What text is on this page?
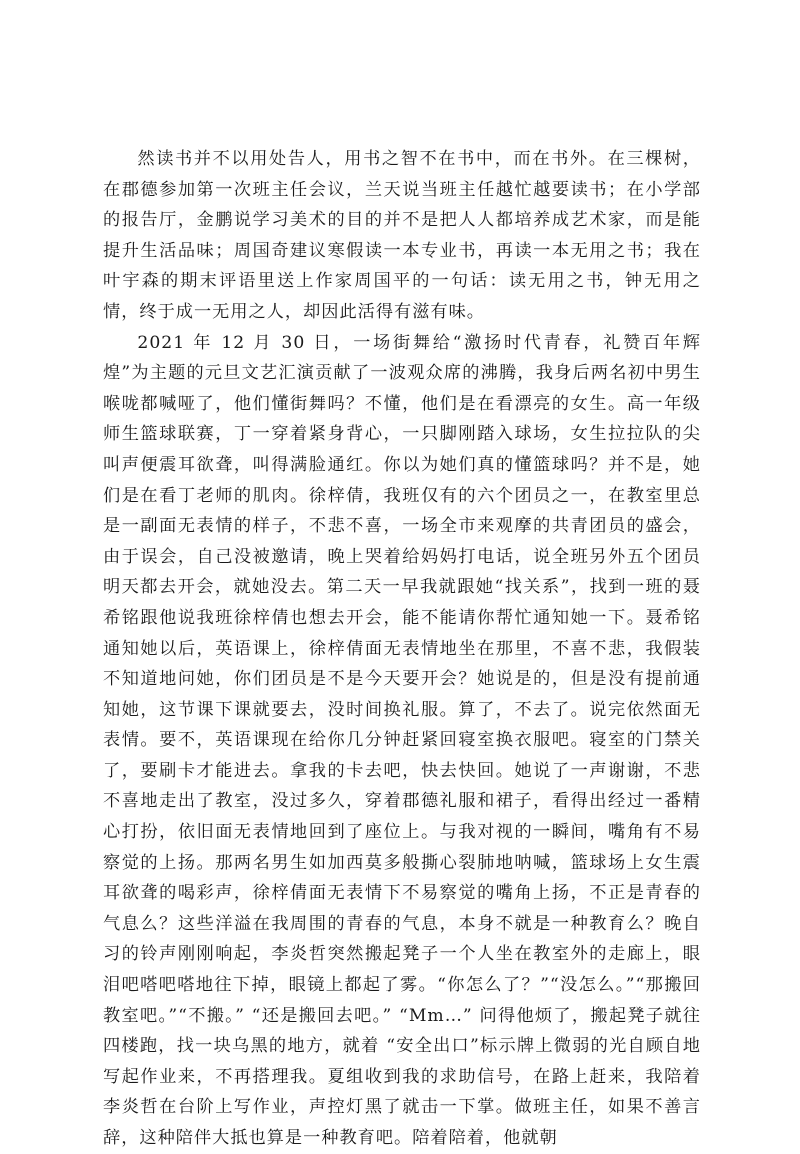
然读书并不以用处告人，用书之智不在书中，而在书外。在三棵树，在郡德参加第一次班主任会议，兰天说当班主任越忙越要读书；在小学部的报告厅，金鹏说学习美术的目的并不是把人人都培养成艺术家，而是能提升生活品味；周国奇建议寒假读一本专业书，再读一本无用之书；我在叶宇森的期末评语里送上作家周国平的一句话：读无用之书，钟无用之情，终于成一无用之人，却因此活得有滋有味。

2021 年 12 月 30 日，一场街舞给“激扬时代青春，礼赞百年辉煌”为主题的元旦文艺汇演贡献了一波观众席的沸腾，我身后两名初中男生喉咙都喊哑了，他们懂街舞吗？不懂，他们是在看漂亮的女生。高一年级师生篮球联赛，丁一穿着紧身背心，一只脚刚踏入球场，女生拉拉队的尖叫声便震耳欲聋，叫得满脸通红。你以为她们真的懂篮球吗？并不是，她们是在看丁老师的肌肉。徐梓倩，我班仅有的六个团员之一，在教室里总是一副面无表情的样子，不悲不喜，一场全市来观摩的共青团员的盛会，由于误会，自己没被邀请，晚上哭着给妈妈打电话，说全班另外五个团员明天都去开会，就她没去。第二天一早我就跟她“找关系”，找到一班的聂希铭跟他说我班徐梓倩也想去开会，能不能请你帮忙通知她一下。聂希铭通知她以后，英语课上，徐梓倩面无表情地坐在那里，不喜不悲，我假装不知道地问她，你们团员是不是今天要开会？她说是的，但是没有提前通知她，这节课下课就要去，没时间换礼服。算了，不去了。说完依然面无表情。要不，英语课现在给你几分钟赶紧回寝室换衣服吧。寝室的门禁关了，要刷卡才能进去。拿我的卡去吧，快去快回。她说了一声谢谢，不悲不喜地走出了教室，没过多久，穿着郡德礼服和裙子，看得出经过一番精心打扮，依旧面无表情地回到了座位上。与我对视的一瞬间，嘴角有不易察觉的上扬。那两名男生如加西莫多般撕心裂肺地呐喊，篮球场上女生震耳欲聋的喝彩声，徐梓倩面无表情下不易察觉的嘴角上扬，不正是青春的气息么？这些洋溢在我周围的青春的气息，本身不就是一种教育么？晚自习的铃声刚刚响起，李炎哲突然搬起凳子一个人坐在教室外的走廊上，眼泪吧嗒吧嗒地往下掉，眼镜上都起了雾。“你怎么了？”“没怎么。”“那搬回教室吧。”“不搬。” “还是搬回去吧。” “Mm…” 问得他烦了，搬起凳子就往四楼跑，找一块乌黑的地方，就着 “安全出口”标示牌上微弱的光自顾自地写起作业来，不再搭理我。夏组收到我的求助信号，在路上赶来，我陪着李炎哲在台阶上写作业，声控灯黑了就击一下掌。做班主任，如果不善言辞，这种陪伴大抵也算是一种教育吧。陪着陪着，他就朝
